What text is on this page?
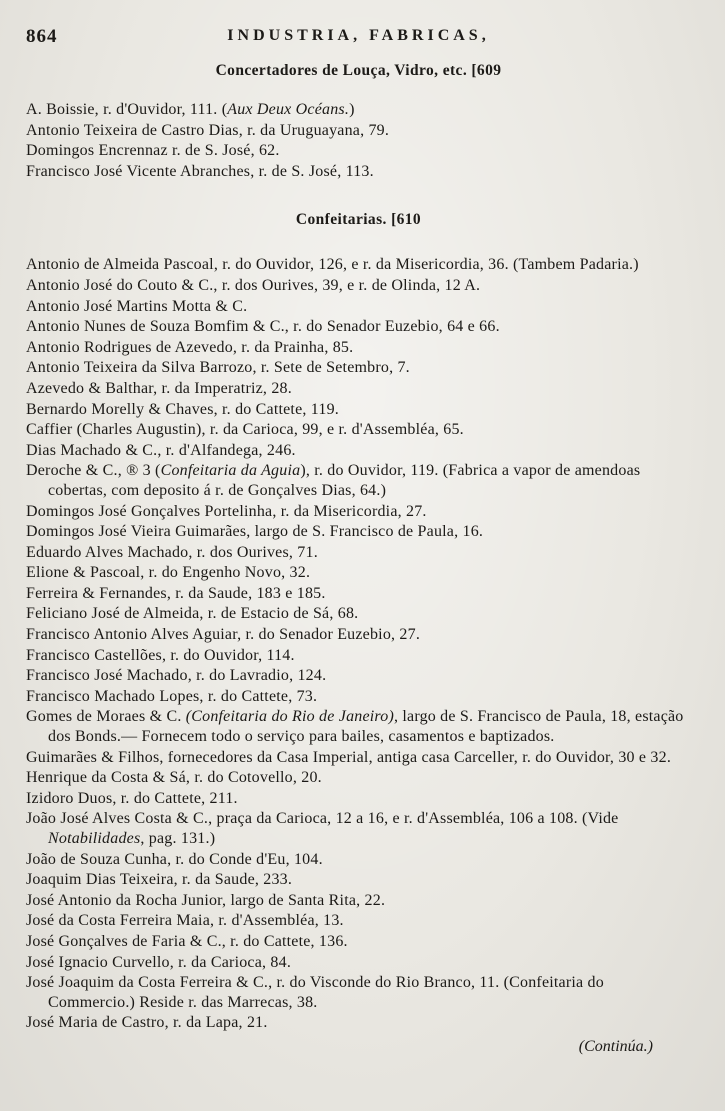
864	INDUSTRIA, FABRICAS,
Concertadores de Louça, Vidro, etc. [609

A. Boissie, r. d'Ouvidor, 111. (Aux Deux Océans.)

Antonio Teixeira de Castro Dias, r. da Uruguayana, 79.

Domingos Encrennaz r. de S. José, 62.

Francisco José Vicente Abranches, r. de S. José, 113.

Confeitarias. [610

Antonio de Almeida Pascoal, r. do Ouvidor, 126, e r. da Misericordia, 36. (Tambem Padaria.)

Antonio José do Couto & C., r. dos Ourives, 39, e r. de Olinda, 12 A.

Antonio José Martins Motta & C.

Antonio Nunes de Souza Bomfim & C., r. do Senador Euzebio, 64 e 66.

Antonio Rodrigues de Azevedo, r. da Prainha, 85.

Antonio Teixeira da Silva Barrozo, r. Sete de Setembro, 7.

Azevedo & Balthar, r. da Imperatriz, 28.

Bernardo Morelly & Chaves, r. do Cattete, 119.

Caffier (Charles Augustin), r. da Carioca, 99, e r. d'Assembléa, 65.

Dias Machado & C., r. d'Alfandega, 246.

Deroche & C., ® 3 (Confeitaria da Aguia), r. do Ouvidor, 119. (Fabrica a vapor de amendoas cobertas, com deposito á r. de Gonçalves Dias, 64.)

Domingos José Gonçalves Portelinha, r. da Misericordia, 27.

Domingos José Vieira Guimarães, largo de S. Francisco de Paula, 16.

Eduardo Alves Machado, r. dos Ourives, 71.

Elione & Pascoal, r. do Engenho Novo, 32.

Ferreira & Fernandes, r. da Saude, 183 e 185.

Feliciano José de Almeida, r. de Estacio de Sá, 68.

Francisco Antonio Alves Aguiar, r. do Senador Euzebio, 27.

Francisco Castellões, r. do Ouvidor, 114.

Francisco José Machado, r. do Lavradio, 124.

Francisco Machado Lopes, r. do Cattete, 73.

Gomes de Moraes & C. (Confeitaria do Rio de Janeiro), largo de S. Francisco de Paula, 18, estação dos Bonds.— Fornecem todo o serviço para bailes, casamentos e baptizados.

Guimarães & Filhos, fornecedores da Casa Imperial, antiga casa Carceller, r. do Ouvidor, 30 e 32.

Henrique da Costa & Sá, r. do Cotovello, 20.

Izidoro Duos, r. do Cattete, 211.

João José Alves Costa & C., praça da Carioca, 12 a 16, e r. d'Assembléa, 106 a 108. (Vide Notabilidades, pag. 131.)

João de Souza Cunha, r. do Conde d'Eu, 104.

Joaquim Dias Teixeira, r. da Saude, 233.

José Antonio da Rocha Junior, largo de Santa Rita, 22.

José da Costa Ferreira Maia, r. d'Assembléa, 13.

José Gonçalves de Faria & C., r. do Cattete, 136.

José Ignacio Curvello, r. da Carioca, 84.

José Joaquim da Costa Ferreira & C., r. do Visconde do Rio Branco, 11. (Confeitaria do Commercio.) Reside r. das Marrecas, 38.

José Maria de Castro, r. da Lapa, 21.

(Continúa.)
